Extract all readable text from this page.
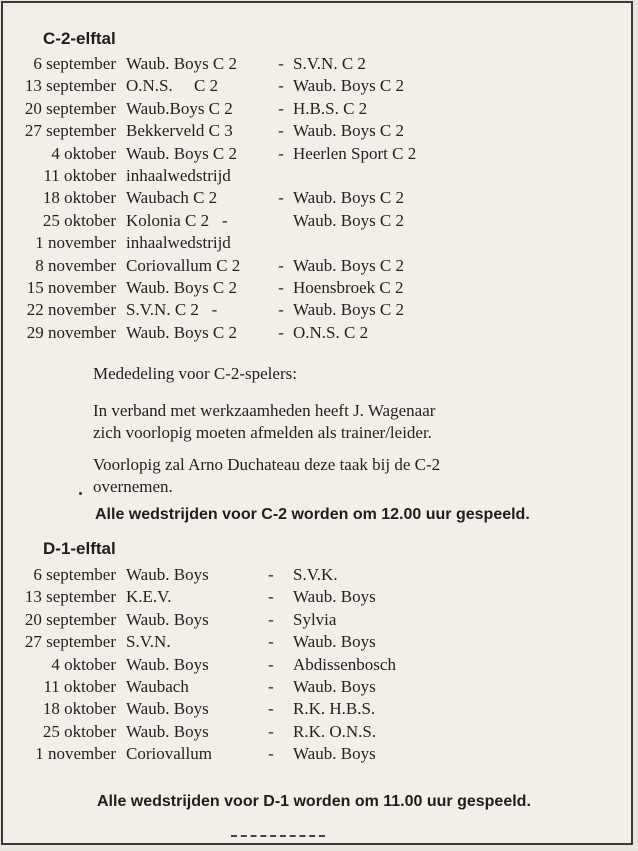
C-2-elftal
6 september	Waub. Boys C 2	-	S.V.N. C 2
13 september	O.N.S.     C 2	-	Waub. Boys C 2
20 september	Waub.Boys C 2	-	H.B.S. C 2
27 september	Bekkerveld C 3	-	Waub. Boys C 2
4 oktober	Waub. Boys C 2	-	Heerlen Sport C 2
11 oktober	inhaalwedstrijd		
18 oktober	Waubach C 2	-	Waub. Boys C 2
25 oktober	Kolonia C 2   -		Waub. Boys C 2
1 november	inhaalwedstrijd		
8 november	Coriovallum C 2	-	Waub. Boys C 2
15 november	Waub. Boys C 2	-	Hoensbroek C 2
22 november	S.V.N. C 2   -	-	Waub. Boys C 2
29 november	Waub. Boys C 2	-	O.N.S. C 2

Mededeling voor C-2-spelers:

In verband met werkzaamheden heeft J. Wagenaar
zich voorlopig moeten afmelden als trainer/leider.

Voorlopig zal Arno Duchateau deze taak bij de C-2
overnemen.

Alle wedstrijden voor C-2 worden om 12.00 uur gespeeld.
D-1-elftal
6 september	Waub. Boys	-	S.V.K.
13 september	K.E.V.	-	Waub. Boys
20 september	Waub. Boys	-	Sylvia
27 september	S.V.N.	-	Waub. Boys
4 oktober	Waub. Boys	-	Abdissenbosch
11 oktober	Waubach	-	Waub. Boys
18 oktober	Waub. Boys	-	R.K. H.B.S.
25 oktober	Waub. Boys	-	R.K. O.N.S.
1 november	Coriovallum	-	Waub. Boys
Alle wedstrijden voor D-1 worden om 11.00 uur gespeeld.
